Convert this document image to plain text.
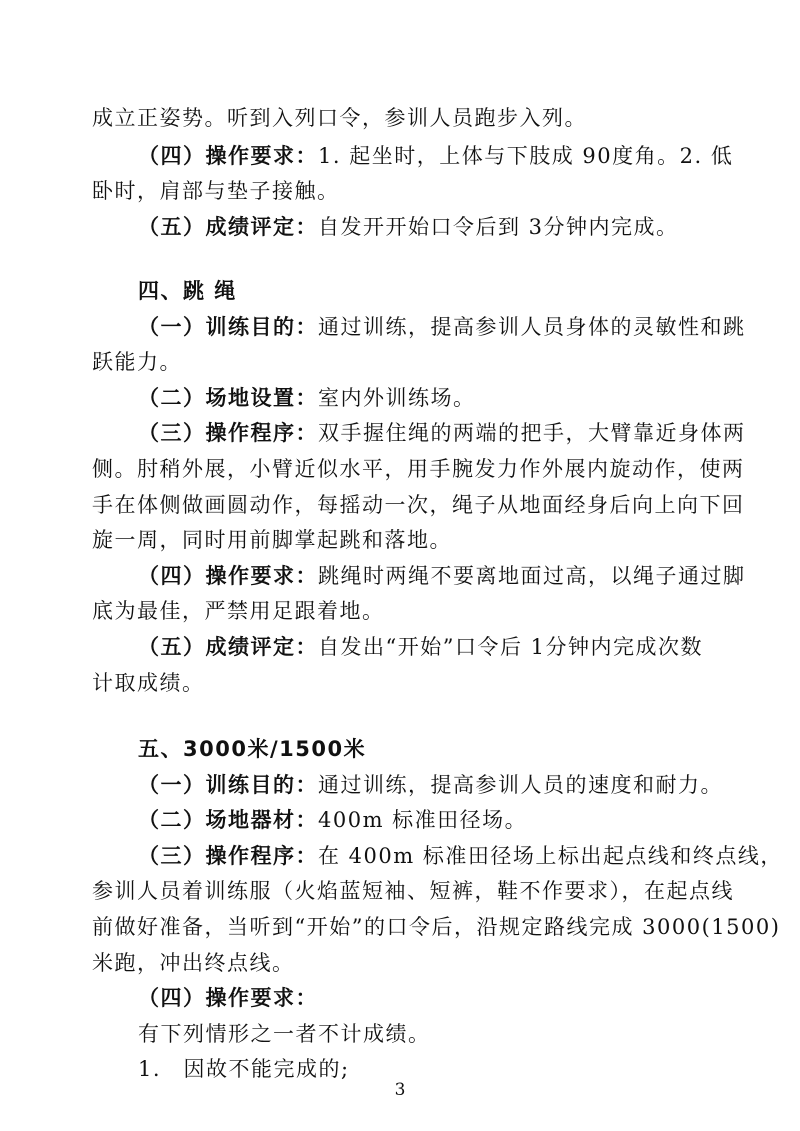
成立正姿势。听到入列口令，参训人员跑步入列。
（四）操作要求：1. 起坐时，上体与下肢成 90度角。2. 低
卧时，肩部与垫子接触。
（五）成绩评定：自发开开始口令后到 3分钟内完成。
四、跳 绳
（一）训练目的：通过训练，提高参训人员身体的灵敏性和跳
跃能力。
（二）场地设置：室内外训练场。
（三）操作程序：双手握住绳的两端的把手，大臂靠近身体两
侧。肘稍外展，小臂近似水平，用手腕发力作外展内旋动作，使两
手在体侧做画圆动作，每摇动一次，绳子从地面经身后向上向下回
旋一周，同时用前脚掌起跳和落地。
（四）操作要求：跳绳时两绳不要离地面过高，以绳子通过脚
底为最佳，严禁用足跟着地。
（五）成绩评定：自发出“开始”口令后 1分钟内完成次数
计取成绩。
五、3000米/1500米
（一）训练目的：通过训练，提高参训人员的速度和耐力。
（二）场地器材：400m 标准田径场。
（三）操作程序：在 400m 标准田径场上标出起点线和终点线，
参训人员着训练服（火焰蓝短袖、短裤，鞋不作要求），在起点线
前做好准备，当听到“开始”的口令后，沿规定路线完成 3000(1500)
米跑，冲出终点线。
（四）操作要求：
有下列情形之一者不计成绩。
1.　因故不能完成的;
3
